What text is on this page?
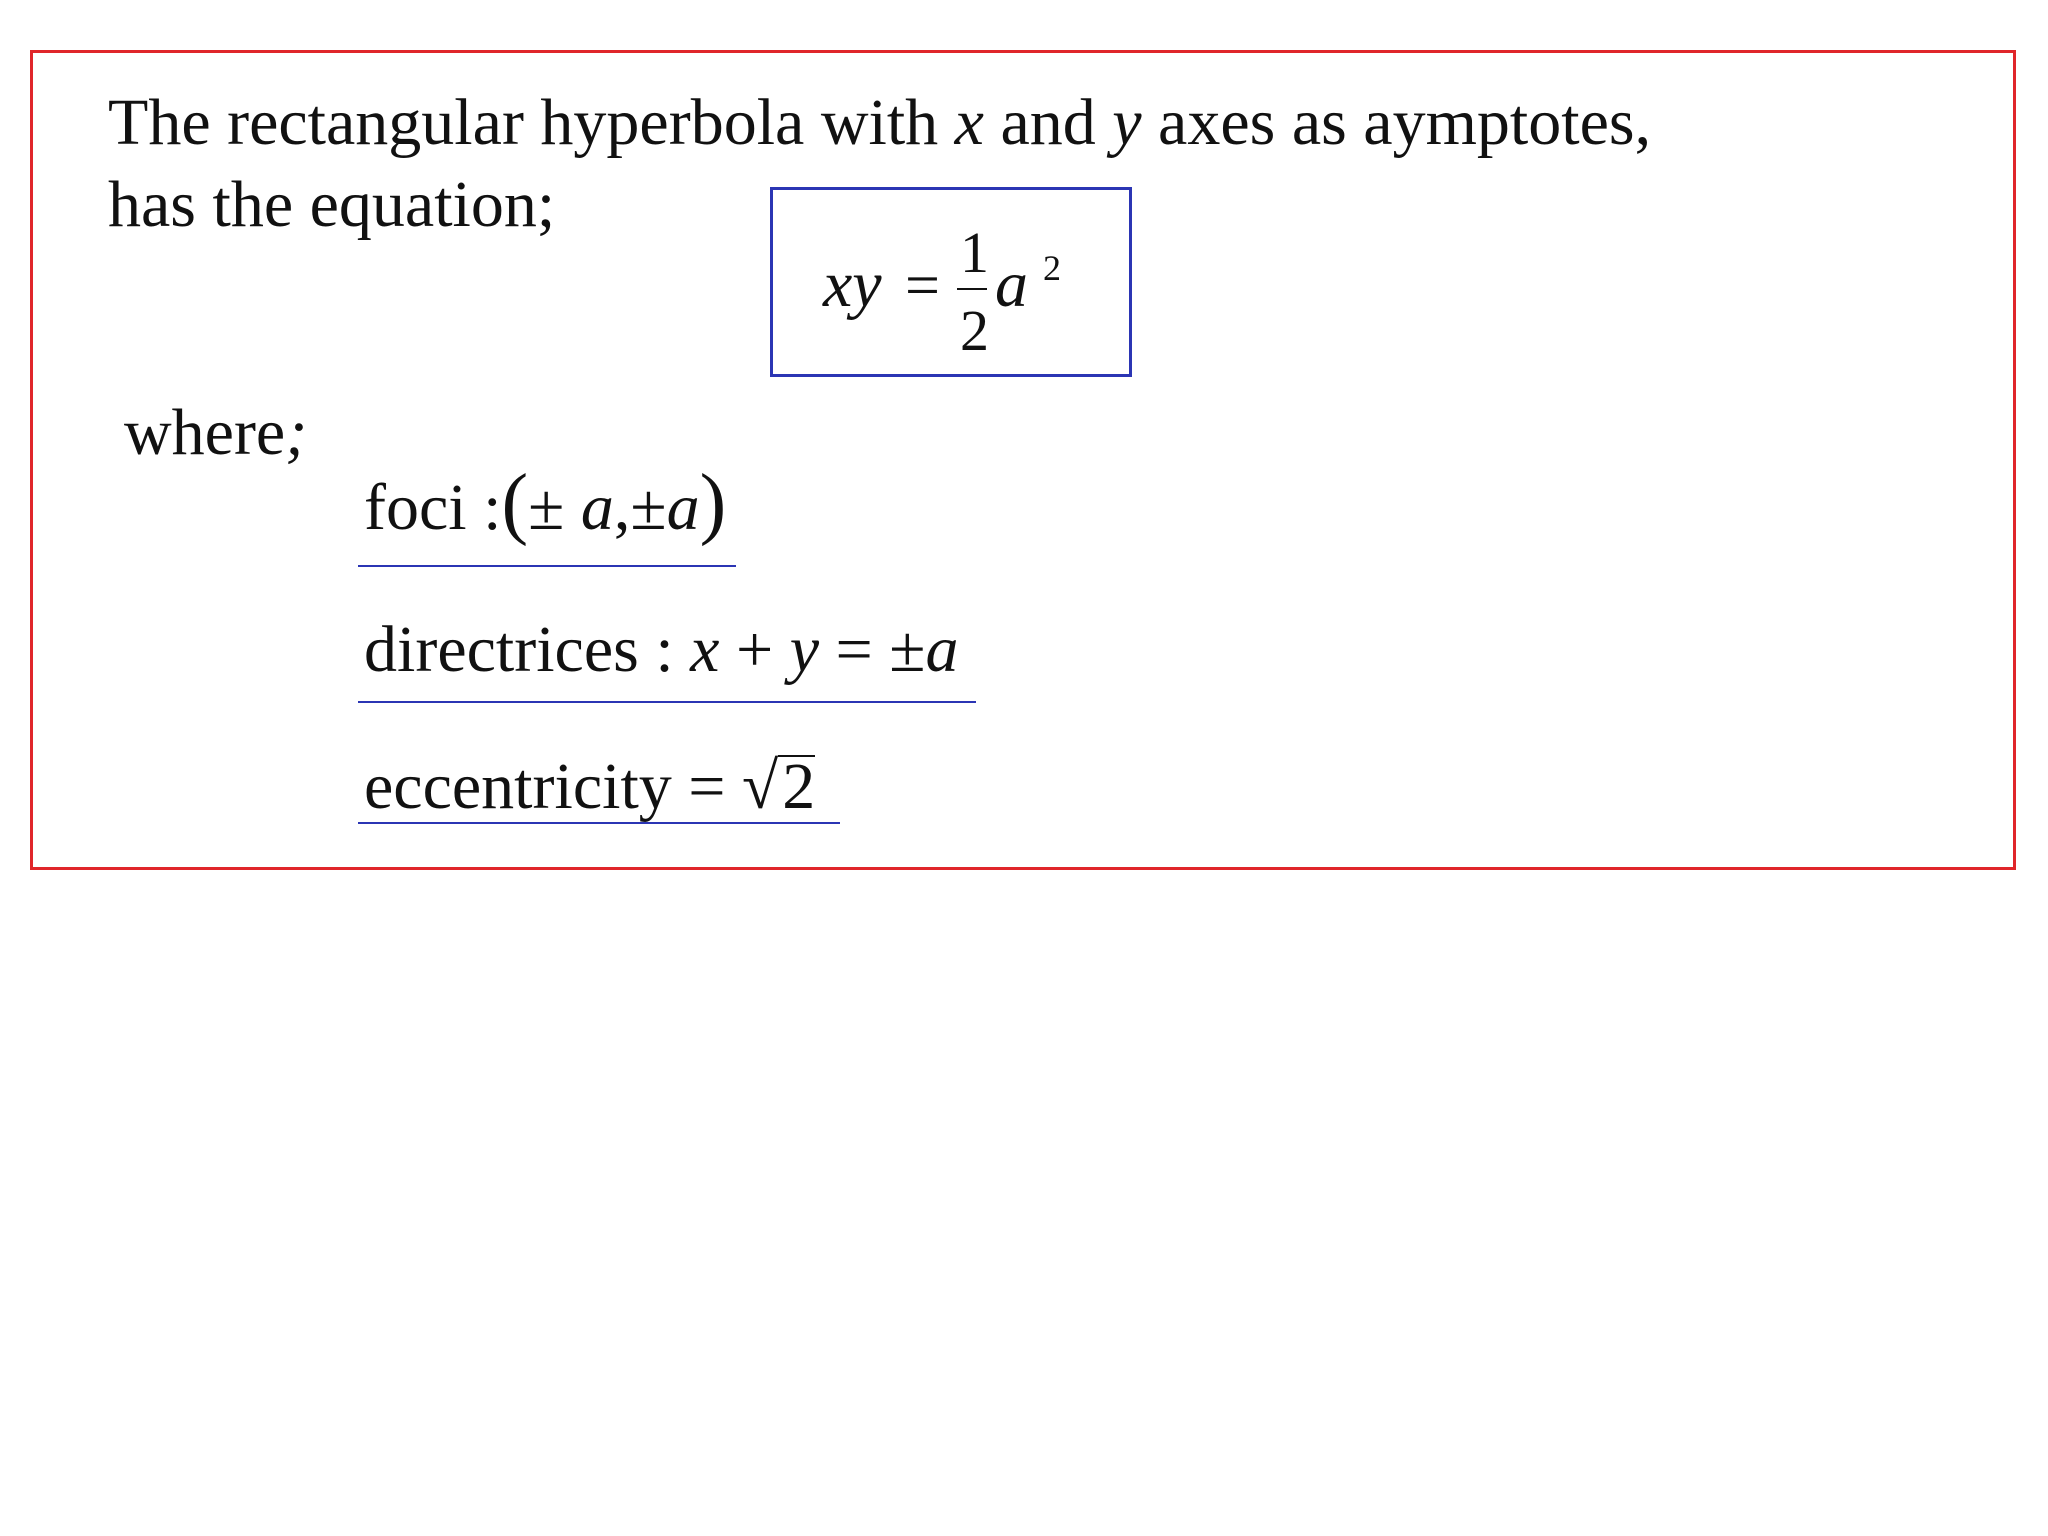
The rectangular hyperbola with x and y axes as aymptotes,
has the equation;
xy = 1
2
a 2
where;
foci :(± a,±a)
directrices : x + y = ±a
eccentricity = √2
